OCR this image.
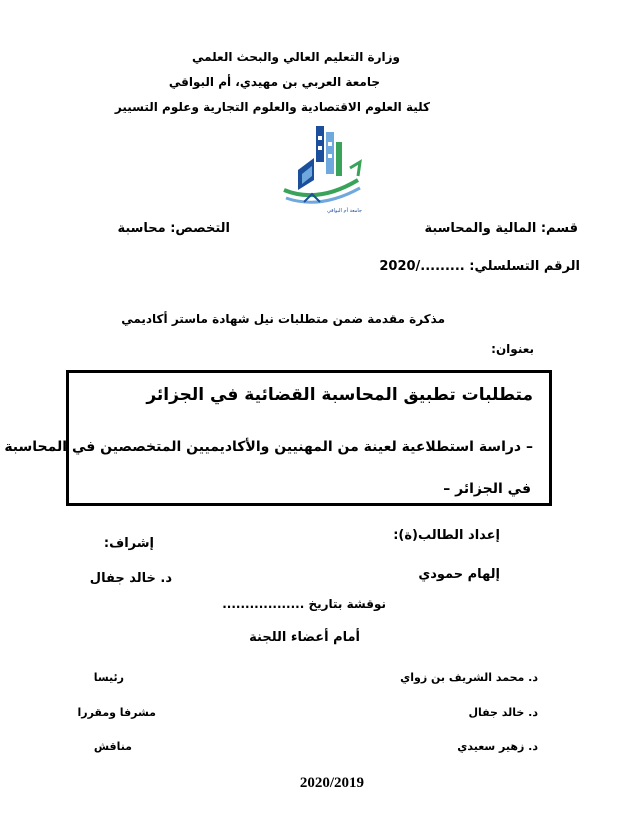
وزارة التعليم العالي والبحث العلمي
جامعة العربي بن مهيدي، أم البواقي
كلية العلوم الاقتصادية والعلوم التجارية وعلوم التسيير
جامعة أم البواقي
قسم: المالية والمحاسبة
التخصص: محاسبة
الرقم التسلسلي: ........./2020
مذكرة مقدمة ضمن متطلبات نيل شهادة ماستر أكاديمي
بعنوان:
متطلبات تطبيق المحاسبة القضائية في الجزائر
– دراسة استطلاعية لعينة من المهنيين والأكاديميين المتخصصين في المحاسبة
في الجزائر –
إعداد الطالب(ة):
إشراف:
إلهام حمودي
د. خالد جفال
نوقشة بتاريخ ..................
أمام أعضاء اللجنة
د. محمد الشريف بن زواي
رئيسا
د. خالد جفال
مشرفا ومقررا
د. زهير سعيدي
مناقش
2020/2019
